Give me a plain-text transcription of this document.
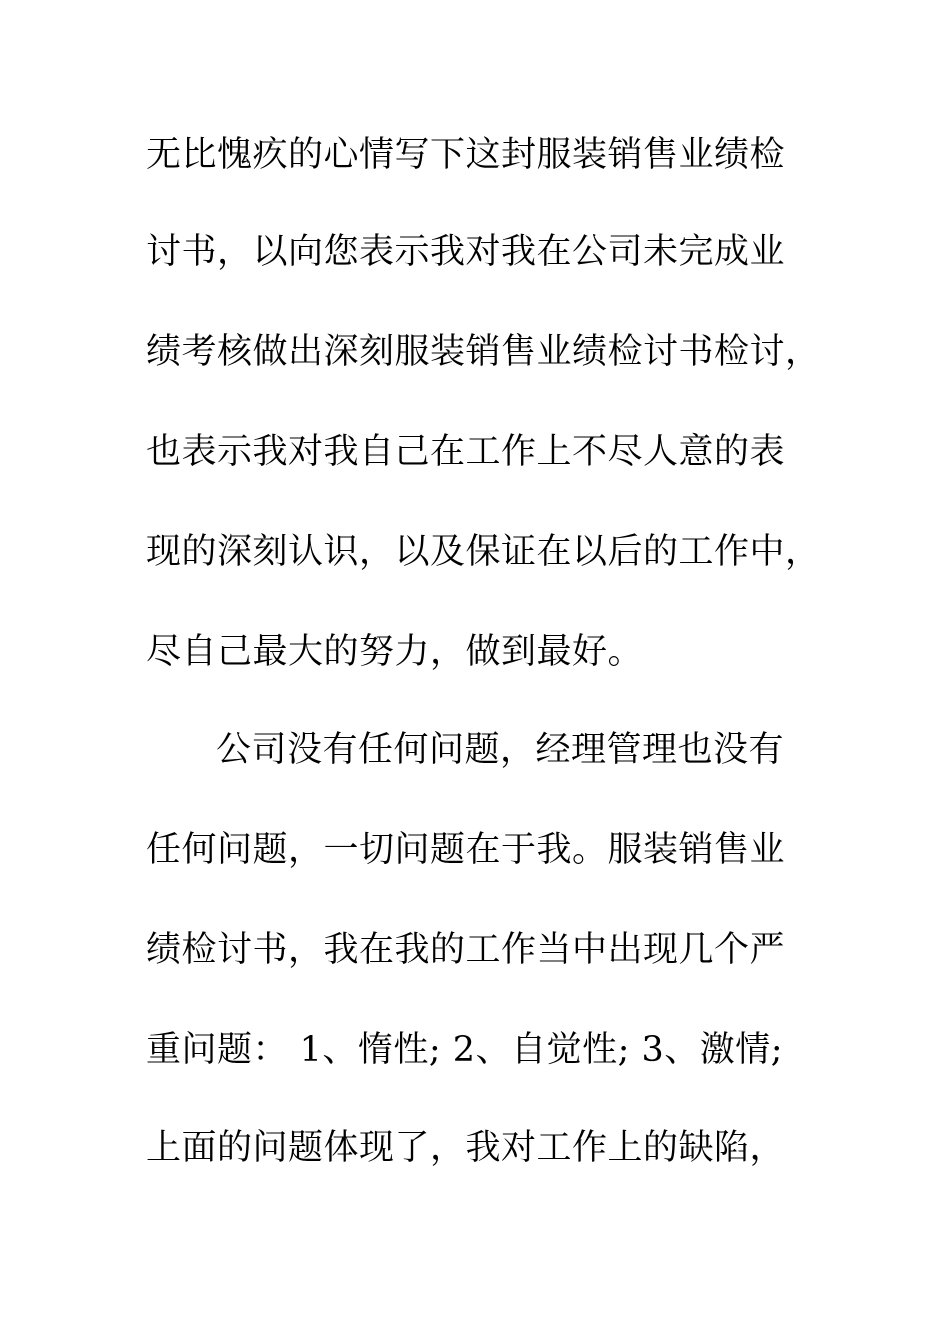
无比愧疚的心情写下这封服装销售业绩检
讨书，以向您表示我对我在公司未完成业
绩考核做出深刻服装销售业绩检讨书检讨，
也表示我对我自己在工作上不尽人意的表
现的深刻认识，以及保证在以后的工作中，
尽自己最大的努力，做到最好。
公司没有任何问题，经理管理也没有
任何问题，一切问题在于我。服装销售业
绩检讨书，我在我的工作当中出现几个严
重问题： 1、惰性; 2、自觉性; 3、激情;
上面的问题体现了，我对工作上的缺陷，
